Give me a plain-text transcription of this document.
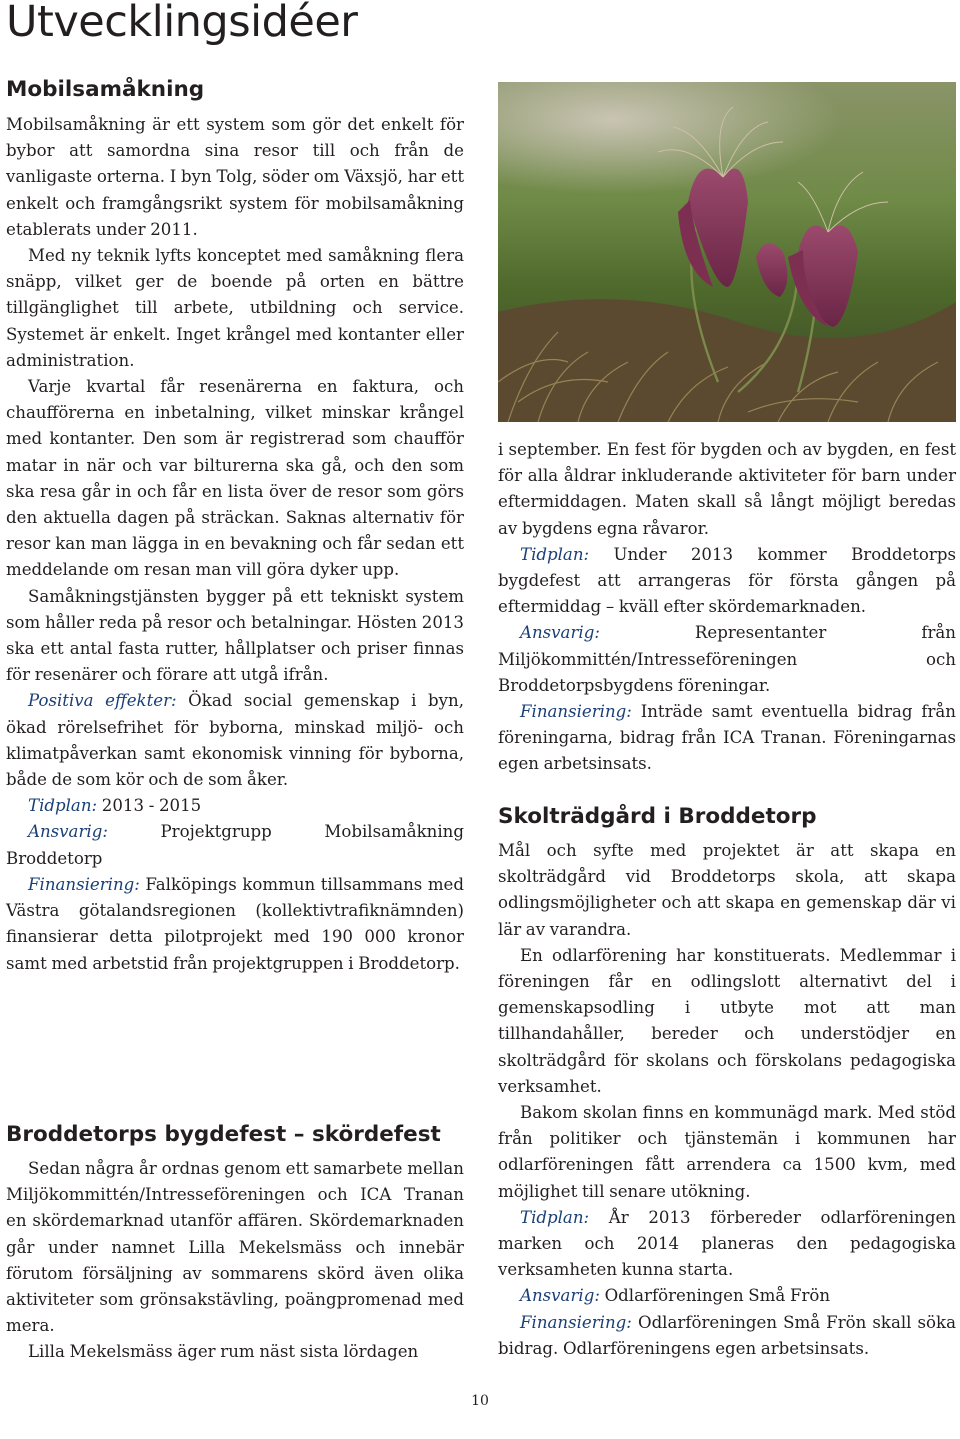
Utvecklingsidéer
Mobilsamåkning

Mobilsamåkning är ett system som gör det enkelt för bybor att samordna sina resor till och från de vanligaste orterna. I byn Tolg, söder om Växsjö, har ett enkelt och framgångsrikt system för mobilsamåkning etablerats under 2011.

Med ny teknik lyfts konceptet med samåkning flera snäpp, vilket ger de boende på orten en bättre tillgänglighet till arbete, utbildning och service. Systemet är enkelt. Inget krångel med kontanter eller administration.

Varje kvartal får resenärerna en faktura, och chaufförerna en inbetalning, vilket minskar krångel med kontanter. Den som är registrerad som chaufför matar in när och var bilturerna ska gå, och den som ska resa går in och får en lista över de resor som görs den aktuella dagen på sträckan. Saknas alternativ för resor kan man lägga in en bevakning och får sedan ett meddelande om resan man vill göra dyker upp.

Samåkningstjänsten bygger på ett tekniskt system som håller reda på resor och betalningar. Hösten 2013 ska ett antal fasta rutter, hållplatser och priser finnas för resenärer och förare att utgå ifrån.

Positiva effekter: Ökad social gemenskap i byn, ökad rörelsefrihet för byborna, minskad miljö- och klimatpåverkan samt ekonomisk vinning för byborna, både de som kör och de som åker.

Tidplan: 2013 - 2015

Ansvarig: Projektgrupp Mobilsamåkning Broddetorp

Finansiering: Falköpings kommun tillsammans med Västra götalandsregionen (kollektivtrafiknämnden) finansierar detta pilotprojekt med 190 000 kronor samt med arbetstid från projektgruppen i Broddetorp.

Broddetorps bygdefest – skördefest

Sedan några år ordnas genom ett samarbete mellan Miljökommittén/Intresseföreningen och ICA Tranan en skördemarknad utanför affären. Skördemarknaden går under namnet Lilla Mekelsmäss och innebär förutom försäljning av sommarens skörd även olika aktiviteter som grönsakstävling, poängpromenad med mera.

Lilla Mekelsmäss äger rum näst sista lördagen

i september. En fest för bygden och av bygden, en fest för alla åldrar inkluderande aktiviteter för barn under eftermiddagen. Maten skall så långt möjligt beredas av bygdens egna råvaror.

Tidplan: Under 2013 kommer Broddetorps bygdefest att arrangeras för första gången på eftermiddag – kväll efter skördemarknaden.

Ansvarig: Representanter från Miljökommittén/Intresseföreningen och Broddetorpsbygdens föreningar.

Finansiering: Inträde samt eventuella bidrag från föreningarna, bidrag från ICA Tranan. Föreningarnas egen arbetsinsats.

Skolträdgård i Broddetorp

Mål och syfte med projektet är att skapa en skolträdgård vid Broddetorps skola, att skapa odlingsmöjligheter och att skapa en gemenskap där vi lär av varandra.

En odlarförening har konstituerats. Medlemmar i föreningen får en odlingslott alternativt del i gemenskapsodling i utbyte mot att man tillhandahåller, bereder och understödjer en skolträdgård för skolans och förskolans pedagogiska verksamhet.

Bakom skolan finns en kommunägd mark. Med stöd från politiker och tjänstemän i kommunen har odlarföreningen fått arrendera ca 1500 kvm, med möjlighet till senare utökning.

Tidplan: År 2013 förbereder odlarföreningen marken och 2014 planeras den pedagogiska verksamheten kunna starta.

Ansvarig: Odlarföreningen Små Frön

Finansiering: Odlarföreningen Små Frön skall söka bidrag. Odlarföreningens egen arbetsinsats.

10
